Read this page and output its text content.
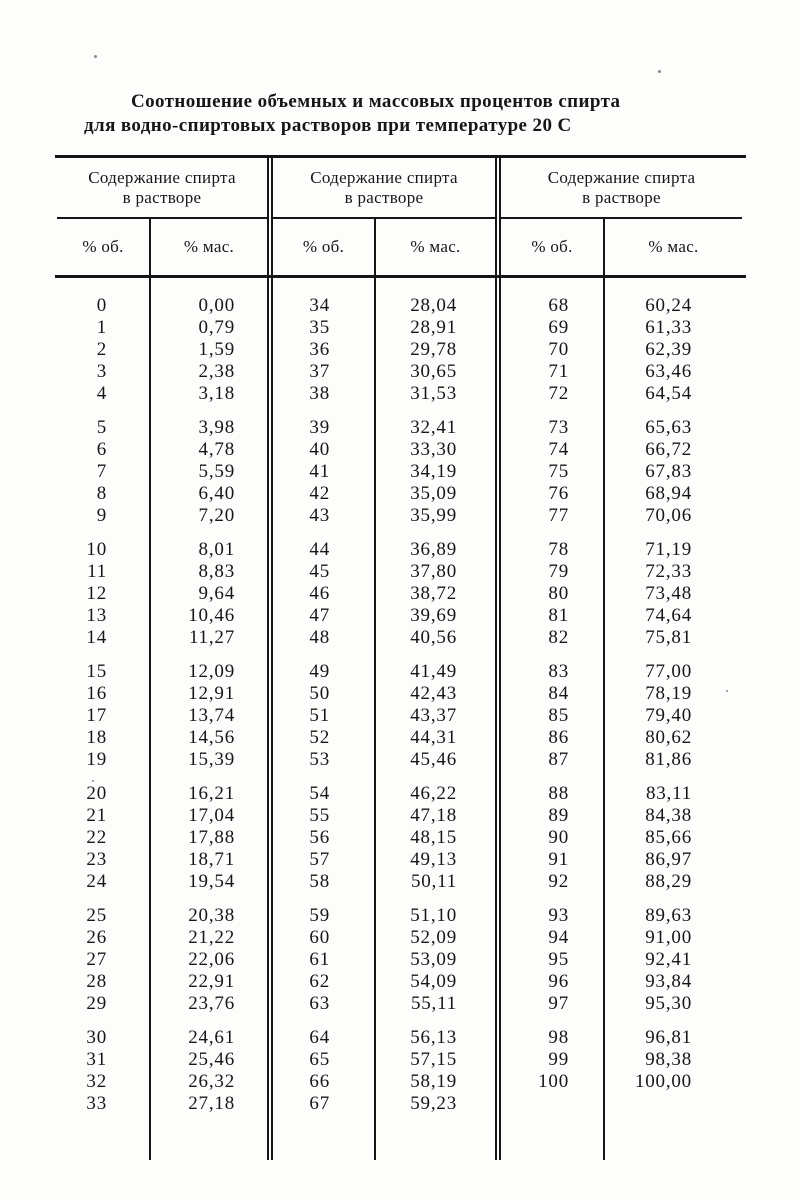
Соотношение объемных и массовых процентов спирта
для водно-спиртовых растворов при температуре 20 С
Содержание спирта
в растворе
% об.
0
1
2
3
4
5
6
7
8
9
10
11
12
13
14
15
16
17
18
19
20
21
22
23
24
25
26
27
28
29
30
31
32
33
% мас.
0,00
0,79
1,59
2,38
3,18
3,98
4,78
5,59
6,40
7,20
8,01
8,83
9,64
10,46
11,27
12,09
12,91
13,74
14,56
15,39
16,21
17,04
17,88
18,71
19,54
20,38
21,22
22,06
22,91
23,76
24,61
25,46
26,32
27,18
Содержание спирта
в растворе
% об.
34
35
36
37
38
39
40
41
42
43
44
45
46
47
48
49
50
51
52
53
54
55
56
57
58
59
60
61
62
63
64
65
66
67
% мас.
28,04
28,91
29,78
30,65
31,53
32,41
33,30
34,19
35,09
35,99
36,89
37,80
38,72
39,69
40,56
41,49
42,43
43,37
44,31
45,46
46,22
47,18
48,15
49,13
50,11
51,10
52,09
53,09
54,09
55,11
56,13
57,15
58,19
59,23
Содержание спирта
в растворе
% об.
68
69
70
71
72
73
74
75
76
77
78
79
80
81
82
83
84
85
86
87
88
89
90
91
92
93
94
95
96
97
98
99
100
% мас.
60,24
61,33
62,39
63,46
64,54
65,63
66,72
67,83
68,94
70,06
71,19
72,33
73,48
74,64
75,81
77,00
78,19
79,40
80,62
81,86
83,11
84,38
85,66
86,97
88,29
89,63
91,00
92,41
93,84
95,30
96,81
98,38
100,00
